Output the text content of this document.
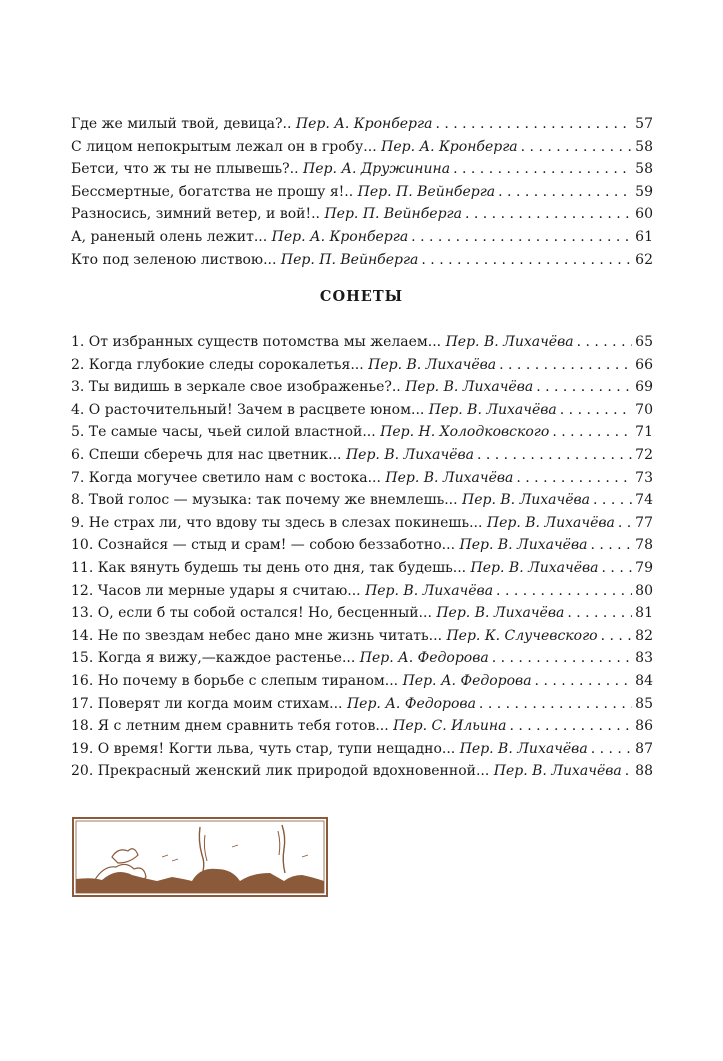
Где же милый твой, девица?..
Пер. А. Кронберга . . .	57
С лицом непокрытым лежал он в гробу...
Пер. А. Кронберга . . .	58
Бетси, что ж ты не плывешь?..
Пер. А. Дружинина . . .	58
Бессмертные, богатства не прошу я!..
Пер. П. Вейнберга . . .	59
Разносись, зимний ветер, и вой!..
Пер. П. Вейнберга . . .	60
А, раненый олень лежит...
Пер. А. Кронберга . . .	61
Кто под зеленою листвою...
Пер. П. Вейнберга . . .	62
СОНЕТЫ
1. От избранных существ потомства мы желаем...
Пер. В. Лихачёва . . .	65
2. Когда глубокие следы сорокалетья...
Пер. В. Лихачёва . . .	66
3. Ты видишь в зеркале свое изображенье?..
Пер. В. Лихачёва . . .	69
4. О расточительный! Зачем в расцвете юном...
Пер. В. Лихачёва . . .	70
5. Те самые часы, чьей силой властной...
Пер. Н. Холодковского . . .	71
6. Спеши сберечь для нас цветник...
Пер. В. Лихачёва . . .	72
7. Когда могучее светило нам с востока...
Пер. В. Лихачёва . . .	73
8. Твой голос — музыка: так почему же внемлешь...
Пер. В. Лихачёва . . .	74
9. Не страх ли, что вдову ты здесь в слезах покинешь...
Пер. В. Лихачёва . . . 77
10. Сознайся — стыд и срам! — собою беззаботно...
Пер. В. Лихачёва . . .	78
11. Как вянуть будешь ты день ото дня, так будешь...
Пер. В. Лихачёва . . .	79
12. Часов ли мерные удары я считаю...
Пер. В. Лихачёва . . .	80
13. О, если б ты собой остался! Но, бесценный...
Пер. В. Лихачёва . . .	81
14. Не по звездам небес дано мне жизнь читать...
Пер. К. Случевского . . .	82
15. Когда я вижу,—каждое растенье...
Пер. А. Федорова . . .	83
16. Но почему в борьбе с слепым тираном...
Пер. А. Федорова . . .	84
17. Поверят ли когда моим стихам...
Пер. А. Федорова . . .	85
18. Я с летним днем сравнить тебя готов...
Пер. С. Ильина . . .	86
19. О время! Когти льва, чуть стар, тупи нещадно...
Пер. В. Лихачёва . . .	87
20. Прекрасный женский лик природой вдохновенной...
Пер. В. Лихачёва . . . 88
